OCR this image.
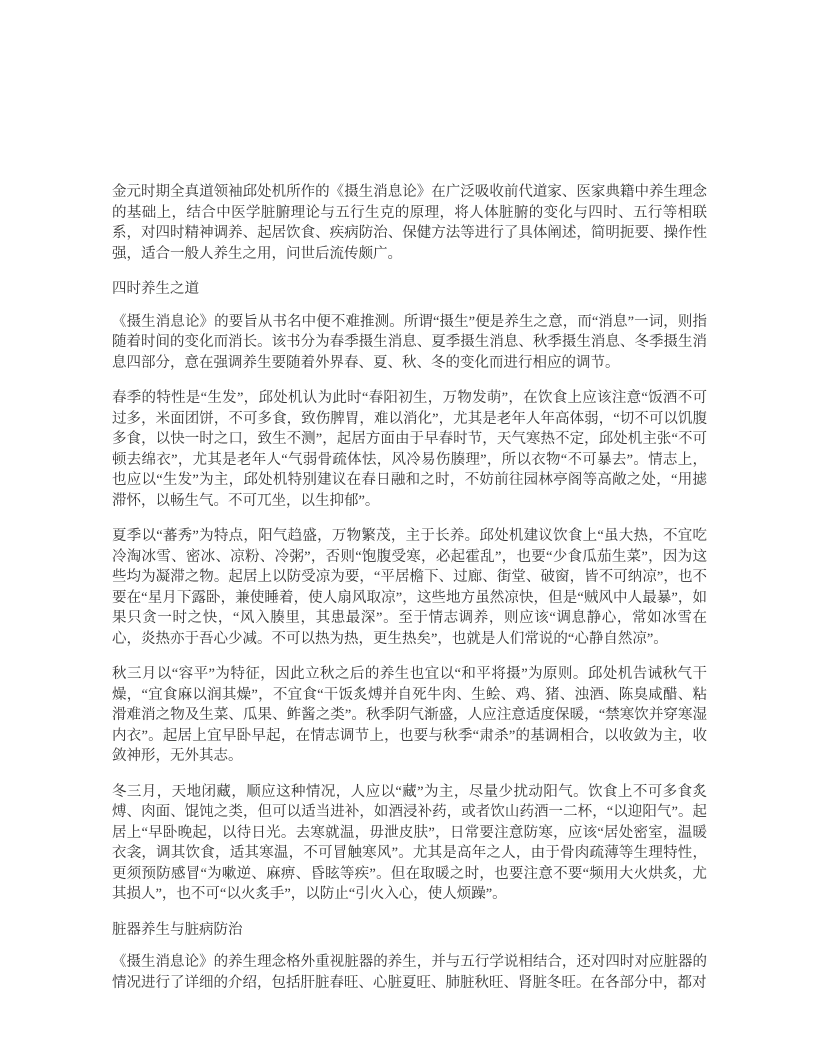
金元时期全真道领袖邱处机所作的《摄生消息论》在广泛吸收前代道家、医家典籍中养生理念的基础上，结合中医学脏腑理论与五行生克的原理，将人体脏腑的变化与四时、五行等相联系，对四时精神调养、起居饮食、疾病防治、保健方法等进行了具体阐述，简明扼要、操作性强，适合一般人养生之用，问世后流传颇广。

四时养生之道

《摄生消息论》的要旨从书名中便不难推测。所谓“摄生”便是养生之意，而“消息”一词，则指随着时间的变化而消长。该书分为春季摄生消息、夏季摄生消息、秋季摄生消息、冬季摄生消息四部分，意在强调养生要随着外界春、夏、秋、冬的变化而进行相应的调节。

春季的特性是“生发”，邱处机认为此时“春阳初生，万物发萌”，在饮食上应该注意“饭酒不可过多，米面团饼，不可多食，致伤脾胃，难以消化”，尤其是老年人年高体弱，“切不可以饥腹多食，以快一时之口，致生不测”，起居方面由于早春时节，天气寒热不定，邱处机主张“不可顿去绵衣”，尤其是老年人“气弱骨疏体怯，风冷易伤腠理”，所以衣物“不可暴去”。情志上，也应以“生发”为主，邱处机特别建议在春日融和之时，不妨前往园林亭阁等高敞之处，“用摅滞怀，以畅生气。不可兀坐，以生抑郁”。

夏季以“蕃秀”为特点，阳气趋盛，万物繁茂，主于长养。邱处机建议饮食上“虽大热，不宜吃冷淘冰雪、密冰、凉粉、冷粥”，否则“饱腹受寒，必起霍乱”，也要“少食瓜茄生菜”，因为这些均为凝滞之物。起居上以防受凉为要，“平居檐下、过廊、街堂、破窗，皆不可纳凉”，也不要在“星月下露卧，兼使睡着，使人扇风取凉”，这些地方虽然凉快，但是“贼风中人最暴”，如果只贪一时之快，“风入腠里，其患最深”。至于情志调养，则应该“调息静心，常如冰雪在心，炎热亦于吾心少减。不可以热为热，更生热矣”，也就是人们常说的“心静自然凉”。

秋三月以“容平”为特征，因此立秋之后的养生也宜以“和平将摄”为原则。邱处机告诫秋气干燥，“宜食麻以润其燥”，不宜食“干饭炙煿并自死牛肉、生鲙、鸡、猪、浊酒、陈臭咸醋、粘滑难消之物及生菜、瓜果、鲊酱之类”。秋季阴气渐盛，人应注意适度保暖，“禁寒饮并穿寒湿内衣”。起居上宜早卧早起，在情志调节上，也要与秋季“肃杀”的基调相合，以收敛为主，收敛神形，无外其志。

冬三月，天地闭藏，顺应这种情况，人应以“藏”为主，尽量少扰动阳气。饮食上不可多食炙煿、肉面、馄饨之类，但可以适当进补，如酒浸补药，或者饮山药酒一二杯，“以迎阳气”。起居上“早卧晚起，以待日光。去寒就温，毋泄皮肤”，日常要注意防寒，应该“居处密室，温暖衣衾，调其饮食，适其寒温，不可冒触寒风”。尤其是高年之人，由于骨肉疏薄等生理特性，更须预防感冒“为嗽逆、麻痹、昏眩等疾”。但在取暖之时，也要注意不要“频用大火烘炙，尤其损人”，也不可“以火炙手”，以防止“引火入心，使人烦躁”。

脏器养生与脏病防治

《摄生消息论》的养生理念格外重视脏器的养生，并与五行学说相结合，还对四时对应脏器的情况进行了详细的介绍，包括肝脏春旺、心脏夏旺、肺脏秋旺、肾脏冬旺。在各部分中，都对
